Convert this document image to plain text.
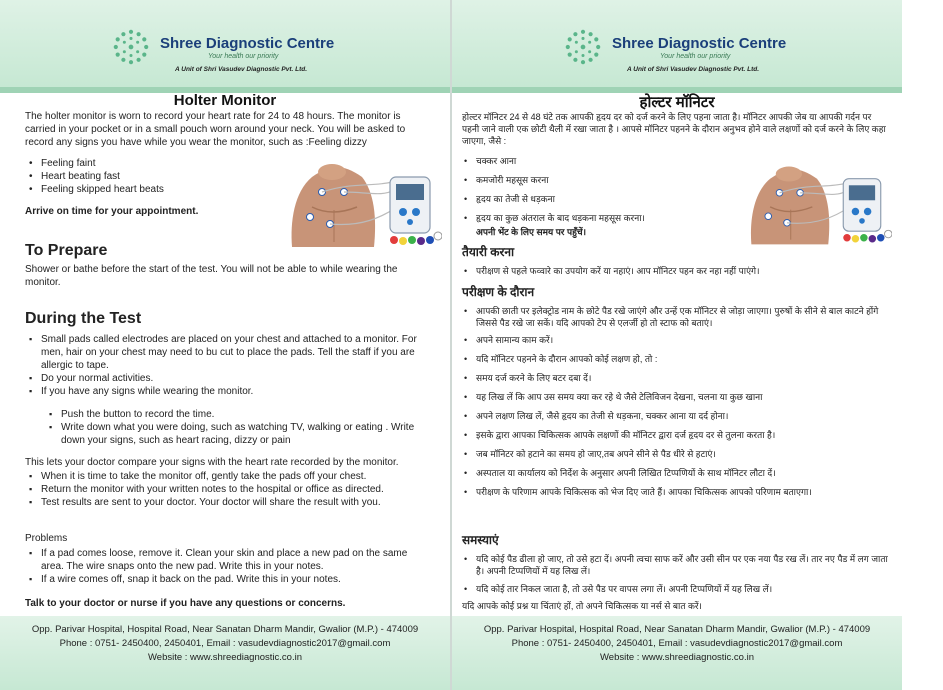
Shree Diagnostic Centre
Your health our priority
A Unit of Shri Vasudev Diagnostic Pvt. Ltd.
Holter Monitor
The holter monitor is worn to record your heart rate for 24 to 48 hours. The monitor is carried in your pocket or in a small pouch worn around your neck. You will be asked to record any signs you have while you wear the monitor, such as :Feeling dizzy
• Feeling faint
• Heart beating fast
• Feeling skipped heart beats
Arrive on time for your appointment.
To Prepare
Shower or bathe before the start of the test. You will not be able to while wearing the monitor.
During the Test
▪ Small pads called electrodes are placed on your chest and attached to a monitor. For men, hair on your chest may need to bu cut to place the pads. Tell the staff if you are allergic to tape.
▪ Do your normal activities.
▪ If you have any signs while wearing the monitor.
▪ Push the button to record the time.
▪ Write down what you were doing, such as watching TV, walking or eating . Write down your signs, such as heart racing, dizzy or pain
This lets your doctor compare your signs with the heart rate recorded by the monitor.
▪ When it is time to take the monitor off, gently take the pads off your chest.
▪ Return the monitor with your written notes to the hospital or office as directed.
▪ Test results are sent to your doctor. Your doctor will share the result with you.
Problems
▪ If a pad comes loose, remove it. Clean your skin and place a new pad on the same area. The wire snaps onto the new pad. Write this in your notes.
▪ If a wire comes off, snap it back on the pad. Write this in your notes.
Talk to your doctor or nurse if you have any questions or concerns.
Opp. Parivar Hospital, Hospital Road, Near Sanatan Dharm Mandir, Gwalior (M.P.) - 474009
Phone : 0751- 2450400, 2450401, Email : vasudevdiagnostic2017@gmail.com
Website : www.shreediagnostic.co.in
Shree Diagnostic Centre
Your health our priority
A Unit of Shri Vasudev Diagnostic Pvt. Ltd.
होल्टर मॉनिटर
होल्टर मॉनिटर 24 से 48 घंटे तक आपकी हृदय दर को दर्ज करने के लिए पहना जाता है। मॉनिटर आपकी जेब या आपकी गर्दन पर पहनी जाने वाली एक छोटी थैली में रखा जाता है । आपसे मॉनिटर पहनने के दौरान अनुभव होने वाले लक्षणों को दर्ज करने के लिए कहा जाएगा, जैसे :
• चक्कर आना
• कमजोरी महसूस करना
• हृदय का तेजी से धड़कना
• हृदय का कुछ अंतराल के बाद धड़कना महसूस करना।
अपनी भेंट के लिए समय पर पहुँचें।
तैयारी करना
• परीक्षण से पहले फव्वारे का उपयोग करें या नहाएं। आप मॉनिटर पहन कर नहा नहीं पाएंगे।
परीक्षण के दौरान
• आपकी छाती पर इलेक्ट्रोड नाम के छोटे पैड रखे जाएंगे और उन्हें एक मॉनिटर से जोड़ा जाएगा। पुरुषों के सीने से बाल काटने होंगे जिससे पैड रखे जा सकें। यदि आपको टेप से एलर्जी हो तो स्टाफ को बताएं।
• अपने सामान्य काम करें।
• यदि मॉनिटर पहनने के दौरान आपको कोई लक्षण हो, तो :
• समय दर्ज करने के लिए बटर दबा दें।
• यह लिख लें कि आप उस समय क्या कर रहे थे जैसे टेलिविजन देखना, चलना या कुछ खाना
• अपने लक्षण लिख लें, जैसे हृदय का तेजी से धड़कना, चक्कर आना या दर्द होना।
• इसके द्वारा आपका चिकित्सक आपके लक्षणों की मॉनिटर द्वारा दर्ज हृदय दर से तुलना करता है।
• जब मॉनिटर को हटाने का समय हो जाए,तब अपने सीने से पैड धीरे से हटाएं।
• अस्पताल या कार्यालय को निर्देश के अनुसार अपनी लिखित टिप्पणियों के साथ मॉनिटर लौटा दें।
• परीक्षण के परिणाम आपके चिकित्सक को भेज दिए जाते हैं। आपका चिकित्सक आपको परिणाम बताएगा।
समस्याएं
• यदि कोई पैड ढीला हो जाए, तो उसे हटा दें। अपनी त्वचा साफ करें और उसी सीन पर एक नया पैड रख लें। तार नए पैड में लग जाता है। अपनी टिप्पणियों में यह लिख लें।
• यदि कोई तार निकल जाता है, तो उसे पैड पर वापस लगा लें। अपनी टिप्पणियों में यह लिख लें।
यदि आपके कोई प्रश्न या चिंताएं हों, तो अपने चिकित्सक या नर्स से बात करें।
Opp. Parivar Hospital, Hospital Road, Near Sanatan Dharm Mandir, Gwalior (M.P.) - 474009
Phone : 0751- 2450400, 2450401, Email : vasudevdiagnostic2017@gmail.com
Website : www.shreediagnostic.co.in
